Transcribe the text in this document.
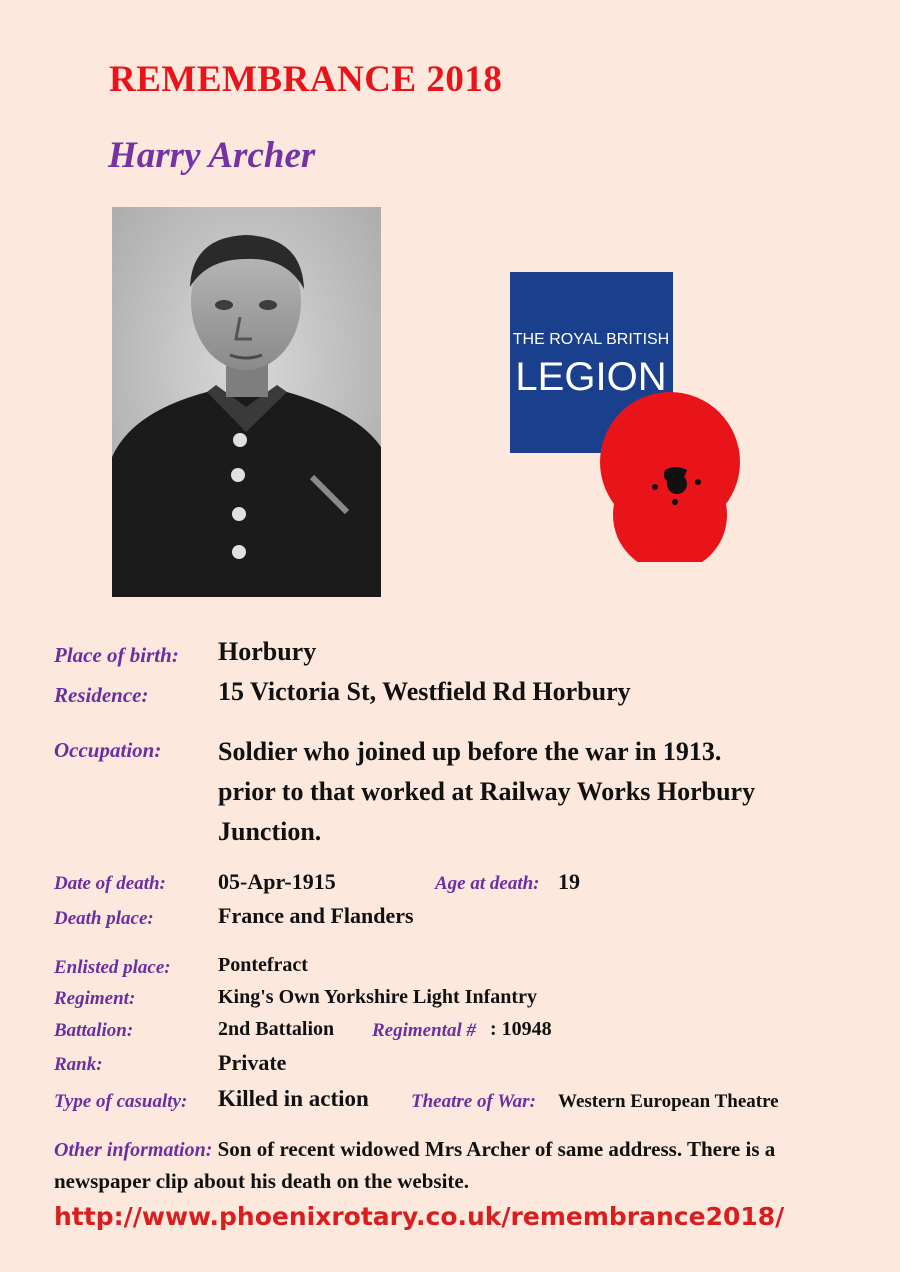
REMEMBRANCE 2018
Harry Archer
THE ROYAL BRITISH
LEGION
Place of birth: Horbury
Residence:	15 Victoria St, Westfield Rd Horbury
Occupation: Soldier who joined up before the war in 1913.
prior to that worked at Railway Works Horbury
Junction.
Date of death: 05-Apr-1915	Age at death: 19
Death place:	France and Flanders
Enlisted place: Pontefract
Regiment:	King's Own Yorkshire Light Infantry
Battalion:	2nd Battalion Regimental # : 10948
Rank:	Private
Type of casualty: Killed in action Theatre of War: Western European Theatre
Other information: Son of recent widowed Mrs Archer of same address. There is a newspaper clip about his death on the website.
http://www.phoenixrotary.co.uk/remembrance2018/
